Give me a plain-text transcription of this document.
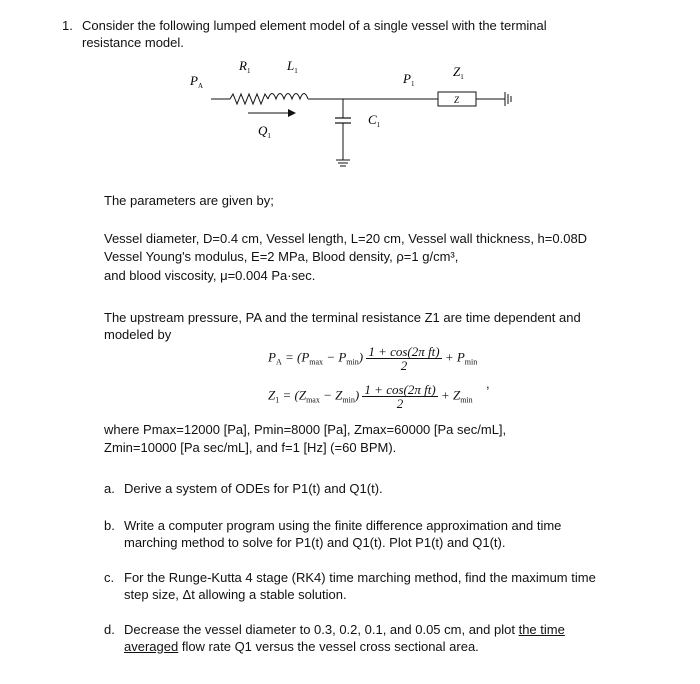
1. Consider the following lumped element model of a single vessel with the terminal
resistance model.
$P_A$
$R_1$	$L_1$	$P_1$
$Z_1$
Z
$Q_1$
$C_1$
The parameters are given by;
Vessel diameter, D=0.4 cm, Vessel length, L=20 cm, Vessel wall thickness, h=0.08D
Vessel Young's modulus, E=2 MPa, Blood density, ρ=1 g/cm³,
and blood viscosity, μ=0.004 Pa·sec.
The upstream pressure, PA and the terminal resistance Z1 are time dependent and
modeled by
$P_A = (P_{max} - P_{min}) \frac{\text{1 + cos(2π ft)}}{2} + P_{min}$
$Z_1 = (Z_{max} - Z_{min}) \frac{\text{1 + cos(2π ft)}}{2} + Z_{min}$
,
where Pmax=12000 [Pa], Pmin=8000 [Pa], Zmax=60000 [Pa sec/mL],
Zmin=10000 [Pa sec/mL], and f=1 [Hz] (=60 BPM).
a. Derive a system of ODEs for P1(t) and Q1(t).
b. Write a computer program using the finite difference approximation and time
marching method to solve for P1(t) and Q1(t). Plot P1(t) and Q1(t).
c. For the Runge-Kutta 4 stage (RK4) time marching method, find the maximum time
step size, Δt allowing a stable solution.
d. Decrease the vessel diameter to 0.3, 0.2, 0.1, and 0.05 cm, and plot the time
averaged flow rate Q1 versus the vessel cross sectional area.
